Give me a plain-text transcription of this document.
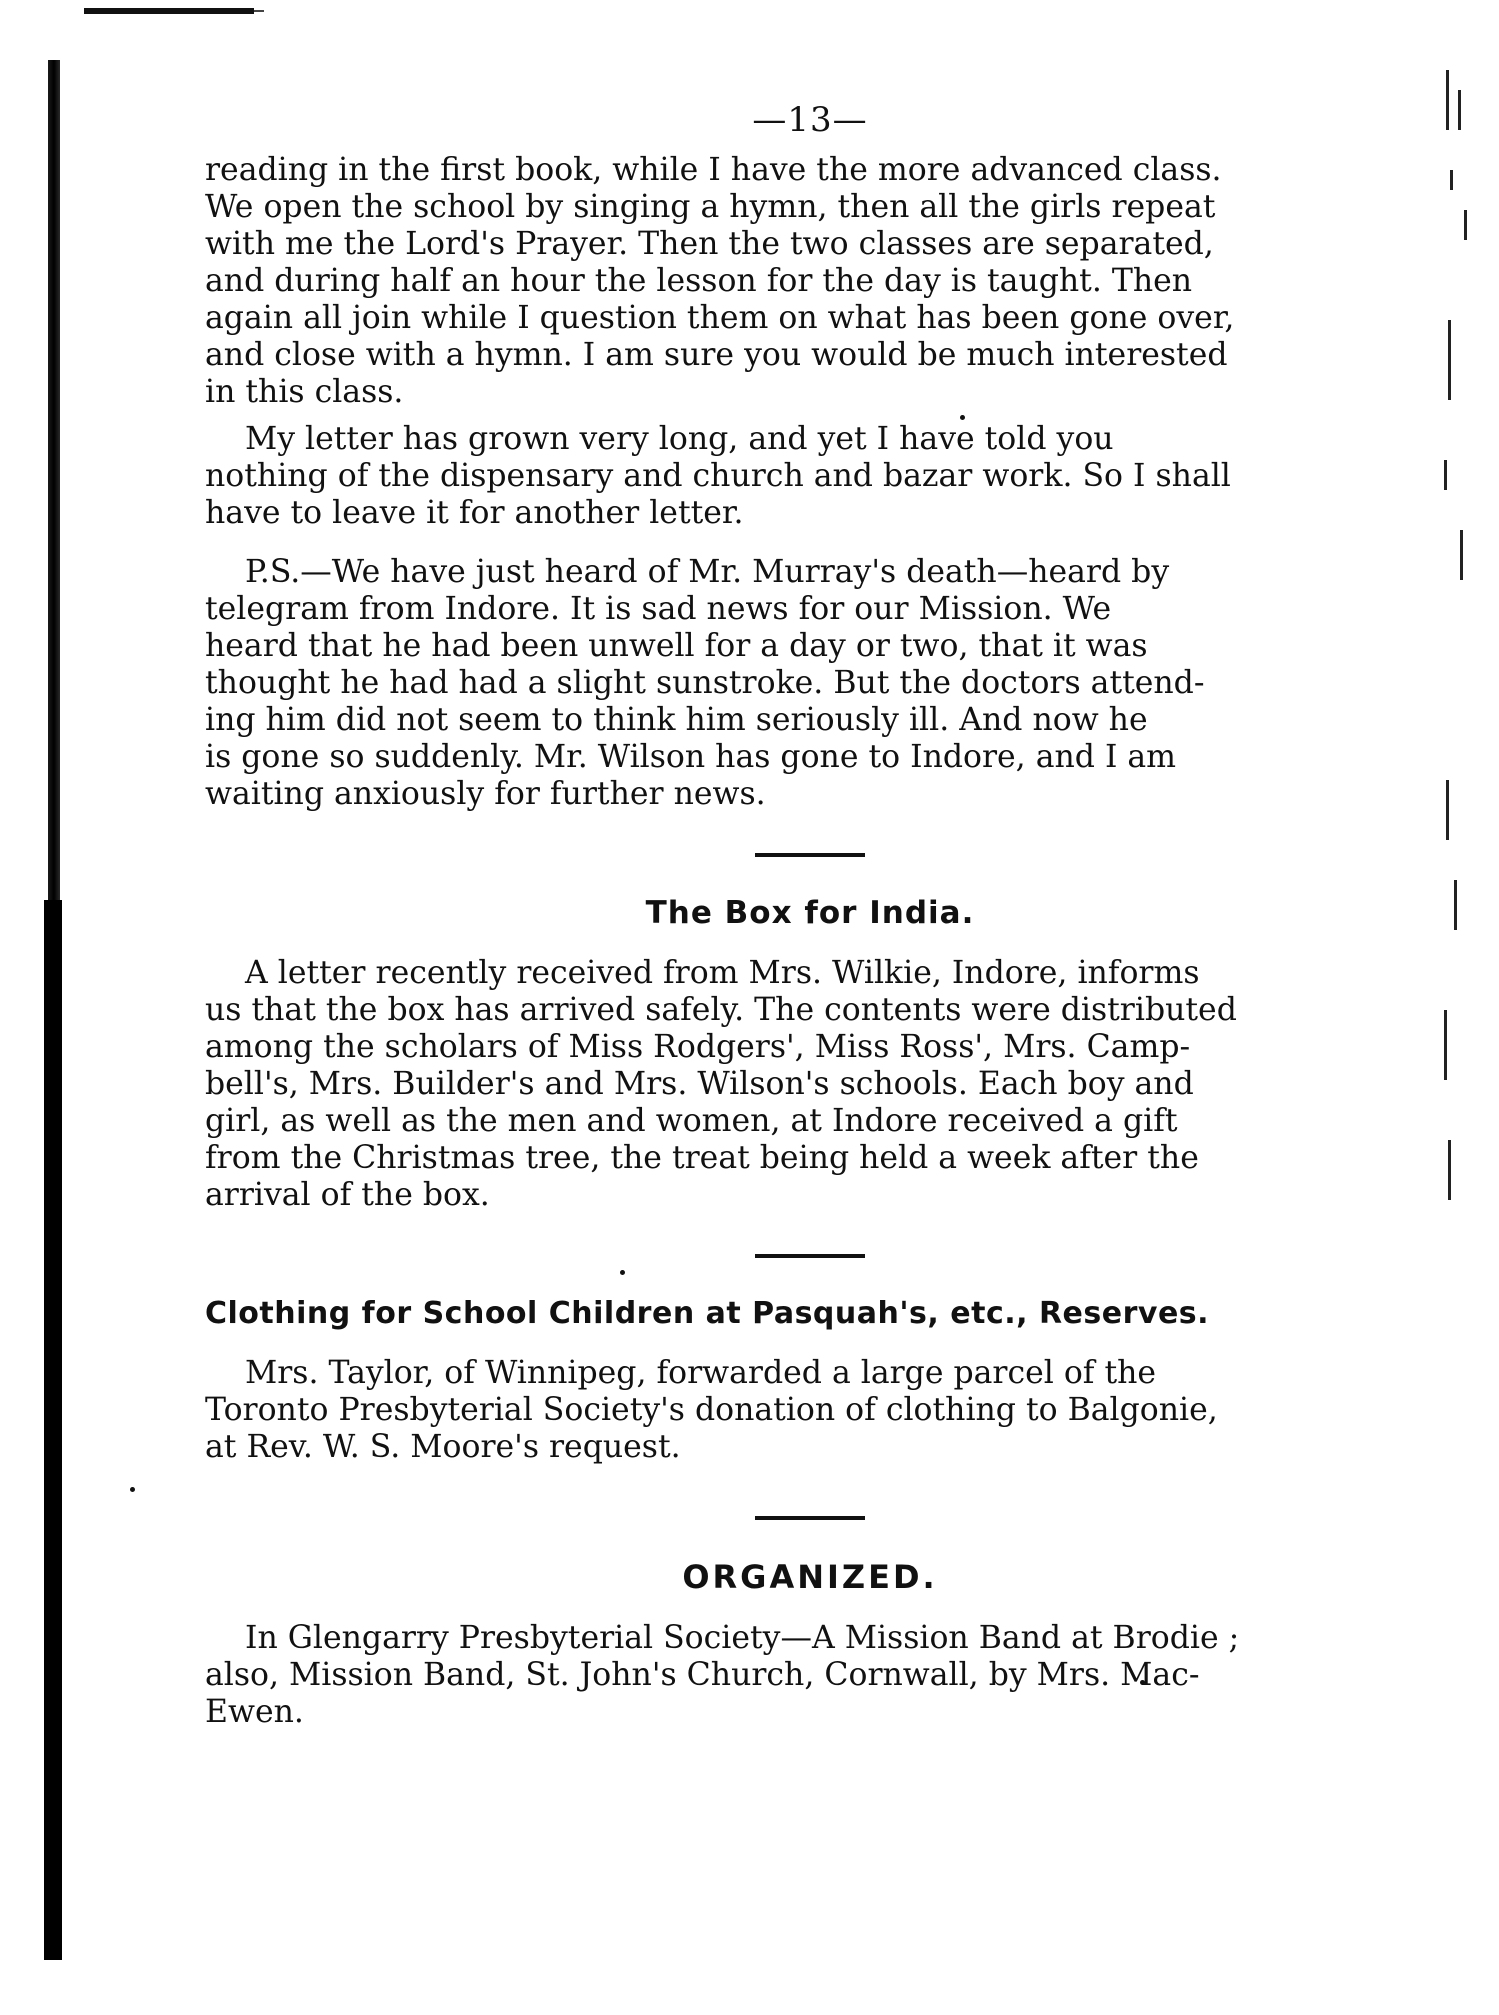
—13—

reading in the first book, while I have the more advanced class.
We open the school by singing a hymn, then all the girls repeat
with me the Lord's Prayer. Then the two classes are separated,
and during half an hour the lesson for the day is taught. Then
again all join while I question them on what has been gone over,
and close with a hymn. I am sure you would be much interested
in this class.

My letter has grown very long, and yet I have told you
nothing of the dispensary and church and bazar work. So I shall
have to leave it for another letter.

P.S.—We have just heard of Mr. Murray's death—heard by
telegram from Indore. It is sad news for our Mission. We
heard that he had been unwell for a day or two, that it was
thought he had had a slight sunstroke. But the doctors attend-
ing him did not seem to think him seriously ill. And now he
is gone so suddenly. Mr. Wilson has gone to Indore, and I am
waiting anxiously for further news.

The Box for India.

A letter recently received from Mrs. Wilkie, Indore, informs
us that the box has arrived safely. The contents were distributed
among the scholars of Miss Rodgers', Miss Ross', Mrs. Camp-
bell's, Mrs. Builder's and Mrs. Wilson's schools. Each boy and
girl, as well as the men and women, at Indore received a gift
from the Christmas tree, the treat being held a week after the
arrival of the box.

Clothing for School Children at Pasquah's, etc., Reserves.

Mrs. Taylor, of Winnipeg, forwarded a large parcel of the
Toronto Presbyterial Society's donation of clothing to Balgonie,
at Rev. W. S. Moore's request.

ORGANIZED.

In Glengarry Presbyterial Society—A Mission Band at Brodie ;
also, Mission Band, St. John's Church, Cornwall, by Mrs. Mac-
Ewen.
